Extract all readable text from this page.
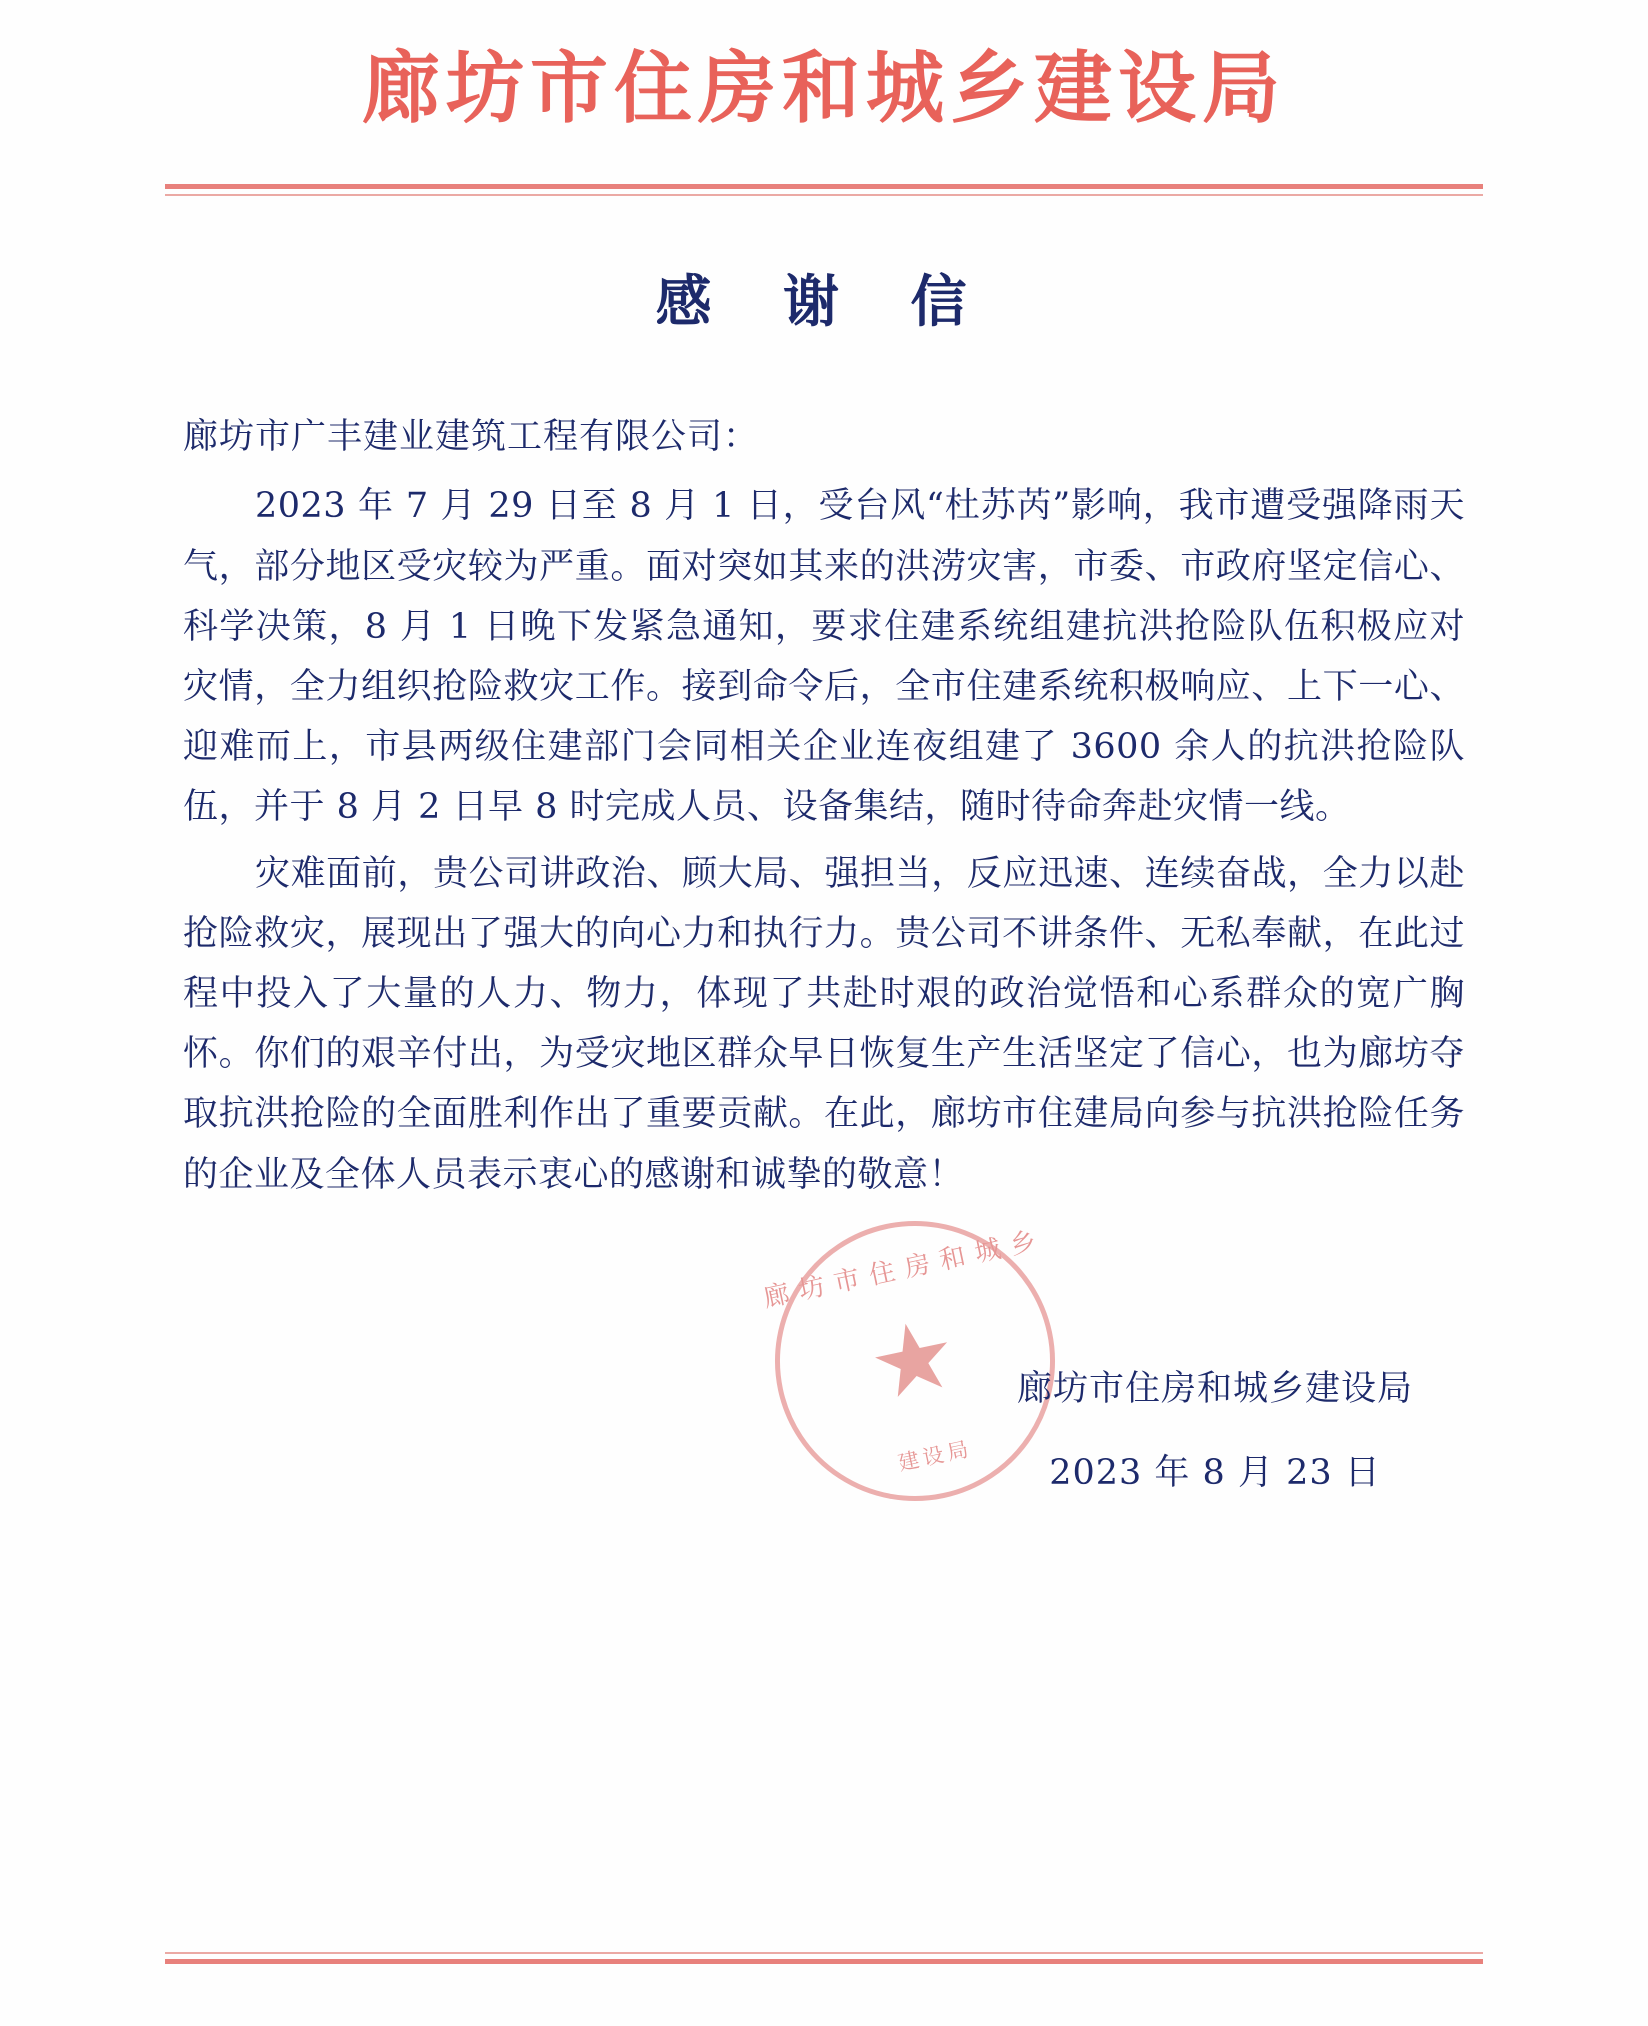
廊坊市住房和城乡建设局
感 谢 信
廊坊市广丰建业建筑工程有限公司：

2023 年 7 月 29 日至 8 月 1 日，受台风“杜苏芮”影响，我市遭受强降雨天气，部分地区受灾较为严重。面对突如其来的洪涝灾害，市委、市政府坚定信心、科学决策，8 月 1 日晚下发紧急通知，要求住建系统组建抗洪抢险队伍积极应对灾情，全力组织抢险救灾工作。接到命令后，全市住建系统积极响应、上下一心、迎难而上，市县两级住建部门会同相关企业连夜组建了 3600 余人的抗洪抢险队伍，并于 8 月 2 日早 8 时完成人员、设备集结，随时待命奔赴灾情一线。

灾难面前，贵公司讲政治、顾大局、强担当，反应迅速、连续奋战，全力以赴抢险救灾，展现出了强大的向心力和执行力。贵公司不讲条件、无私奉献，在此过程中投入了大量的人力、物力，体现了共赴时艰的政治觉悟和心系群众的宽广胸怀。你们的艰辛付出，为受灾地区群众早日恢复生产生活坚定了信心，也为廊坊夺取抗洪抢险的全面胜利作出了重要贡献。在此，廊坊市住建局向参与抗洪抢险任务的企业及全体人员表示衷心的感谢和诚挚的敬意！

廊坊市住房和城乡
★
建设局
廊坊市住房和城乡建设局
2023 年 8 月 23 日
